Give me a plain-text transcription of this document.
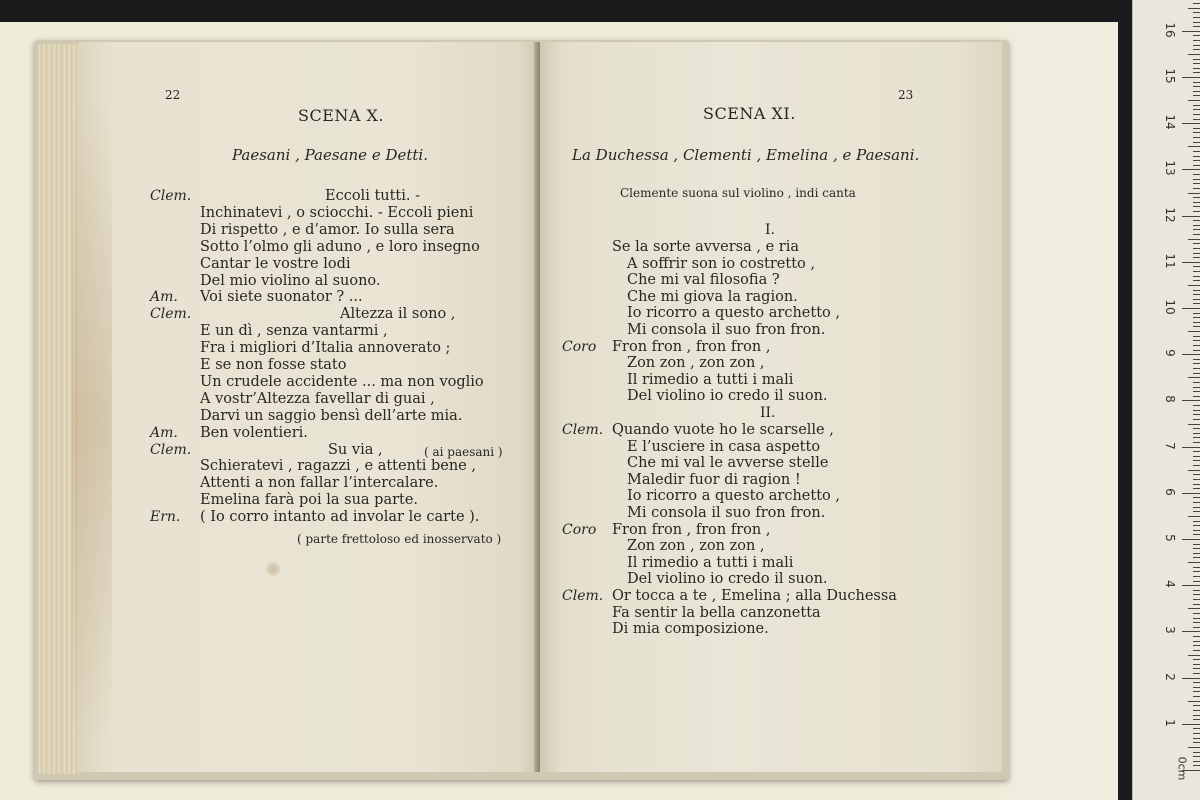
22
SCENA X.
Paesani , Paesane e Detti.
Clem.	Eccoli tutti. -
Inchinatevi , o sciocchi. - Eccoli pieni
Di rispetto , e d’amor. Io sulla sera
Sotto l’olmo gli aduno , e loro insegno
Cantar le vostre lodi
Del mio violino al suono.
Am. Voi siete suonator ? ...
Clem.	Altezza il sono ,
E un dì , senza vantarmi ,
Fra i migliori d’Italia annoverato ;
E se non fosse stato
Un crudele accidente ... ma non voglio
A vostr’Altezza favellar di guai ,
Darvi un saggio bensì dell’arte mia.
Am. Ben volentieri.
Clem.	Su via ,	( ai paesani )
Schieratevi , ragazzi , e attenti bene ,
Attenti a non fallar l’intercalare.
Emelina farà poi la sua parte.
Ern. ( Io corro intanto ad involar le carte ).
( parte frettoloso ed inosservato )
23
SCENA XI.
La Duchessa , Clementi , Emelina , e Paesani.
Clemente suona sul violino , indi canta
I.
Se la sorte avversa , e ria
A soffrir son io costretto ,
Che mi val filosofia ?
Che mi giova la ragion.
Io ricorro a questo archetto ,
Mi consola il suo fron fron.
Coro Fron fron , fron fron ,
Zon zon , zon zon ,
Il rimedio a tutti i mali
Del violino io credo il suon.
II.
Clem. Quando vuote ho le scarselle ,
E l’usciere in casa aspetto
Che mi val le avverse stelle
Maledir fuor di ragion !
Io ricorro a questo archetto ,
Mi consola il suo fron fron.
Coro Fron fron , fron fron ,
Zon zon , zon zon ,
Il rimedio a tutti i mali
Del violino io credo il suon.
Clem. Or tocca a te , Emelina ; alla Duchessa
Fa sentir la bella canzonetta
Di mia composizione.
0cm
1
2
3
4
5
6
7
8
9
10
11
12
13
14
15
16
